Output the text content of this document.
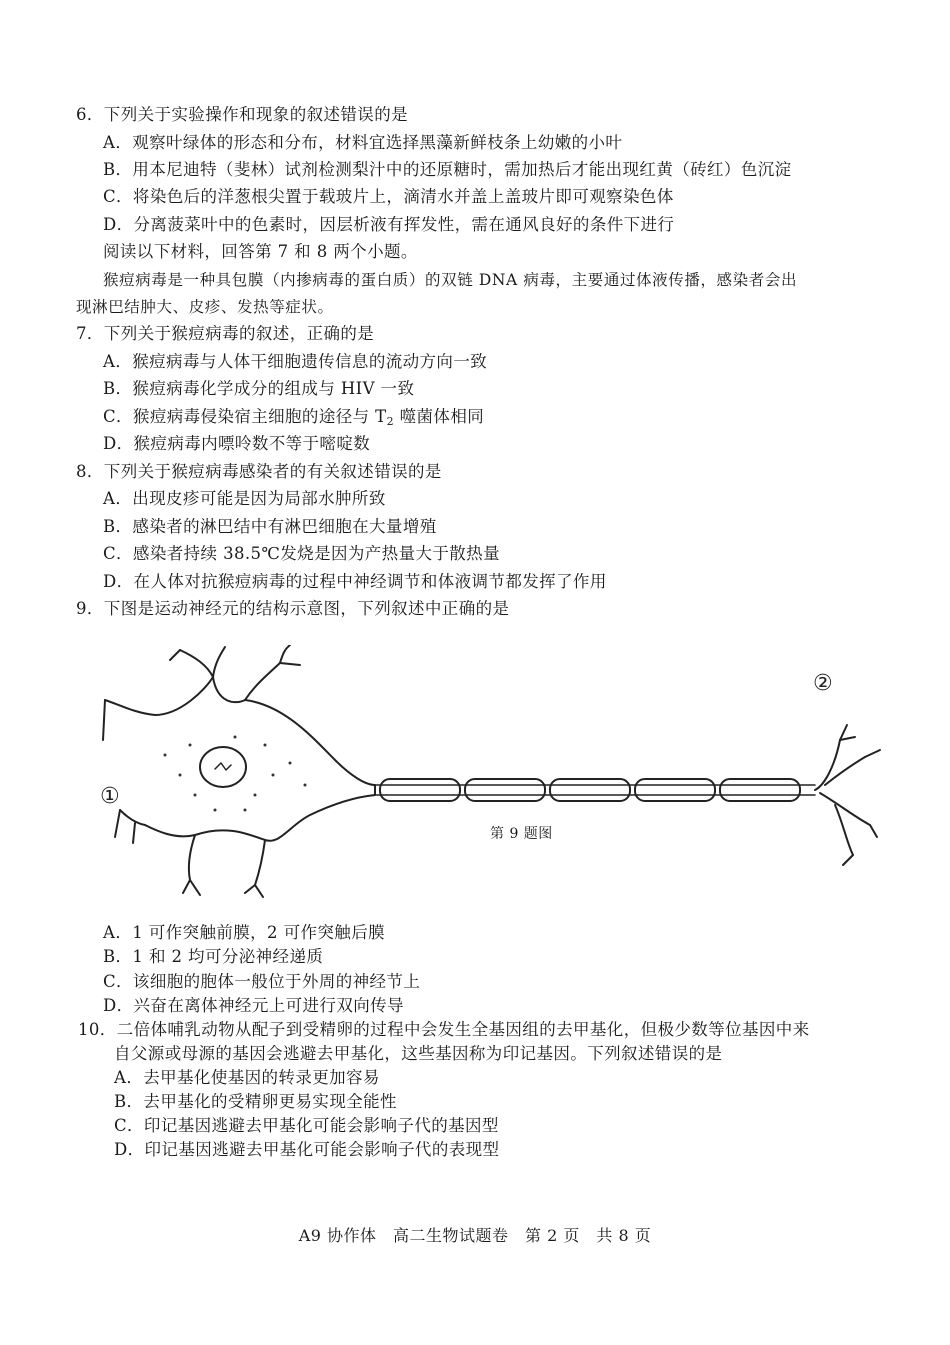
6．下列关于实验操作和现象的叙述错误的是
A．观察叶绿体的形态和分布，材料宜选择黑藻新鲜枝条上幼嫩的小叶
B．用本尼迪特（斐林）试剂检测梨汁中的还原糖时，需加热后才能出现红黄（砖红）色沉淀
C．将染色后的洋葱根尖置于载玻片上，滴清水并盖上盖玻片即可观察染色体
D．分离菠菜叶中的色素时，因层析液有挥发性，需在通风良好的条件下进行
阅读以下材料，回答第 7 和 8 两个小题。
猴痘病毒是一种具包膜（内掺病毒的蛋白质）的双链 DNA 病毒，主要通过体液传播，感染者会出
现淋巴结肿大、皮疹、发热等症状。
7．下列关于猴痘病毒的叙述，正确的是
A．猴痘病毒与人体干细胞遗传信息的流动方向一致
B．猴痘病毒化学成分的组成与 HIV 一致
C．猴痘病毒侵染宿主细胞的途径与 $T_2$ 噬菌体相同
D．猴痘病毒内嘌呤数不等于嘧啶数
8．下列关于猴痘病毒感染者的有关叙述错误的是
A．出现皮疹可能是因为局部水肿所致
B．感染者的淋巴结中有淋巴细胞在大量增殖
C．感染者持续 38.5℃发烧是因为产热量大于散热量
D．在人体对抗猴痘病毒的过程中神经调节和体液调节都发挥了作用
9．下图是运动神经元的结构示意图，下列叙述中正确的是
①
②
第 9 题图
A．1 可作突触前膜，2 可作突触后膜
B．1 和 2 均可分泌神经递质
C．该细胞的胞体一般位于外周的神经节上
D．兴奋在离体神经元上可进行双向传导
10．二倍体哺乳动物从配子到受精卵的过程中会发生全基因组的去甲基化，但极少数等位基因中来
自父源或母源的基因会逃避去甲基化，这些基因称为印记基因。下列叙述错误的是
A．去甲基化使基因的转录更加容易
B．去甲基化的受精卵更易实现全能性
C．印记基因逃避去甲基化可能会影响子代的基因型
D．印记基因逃避去甲基化可能会影响子代的表现型
A9 协作体　高二生物试题卷　第 2 页　共 8 页
